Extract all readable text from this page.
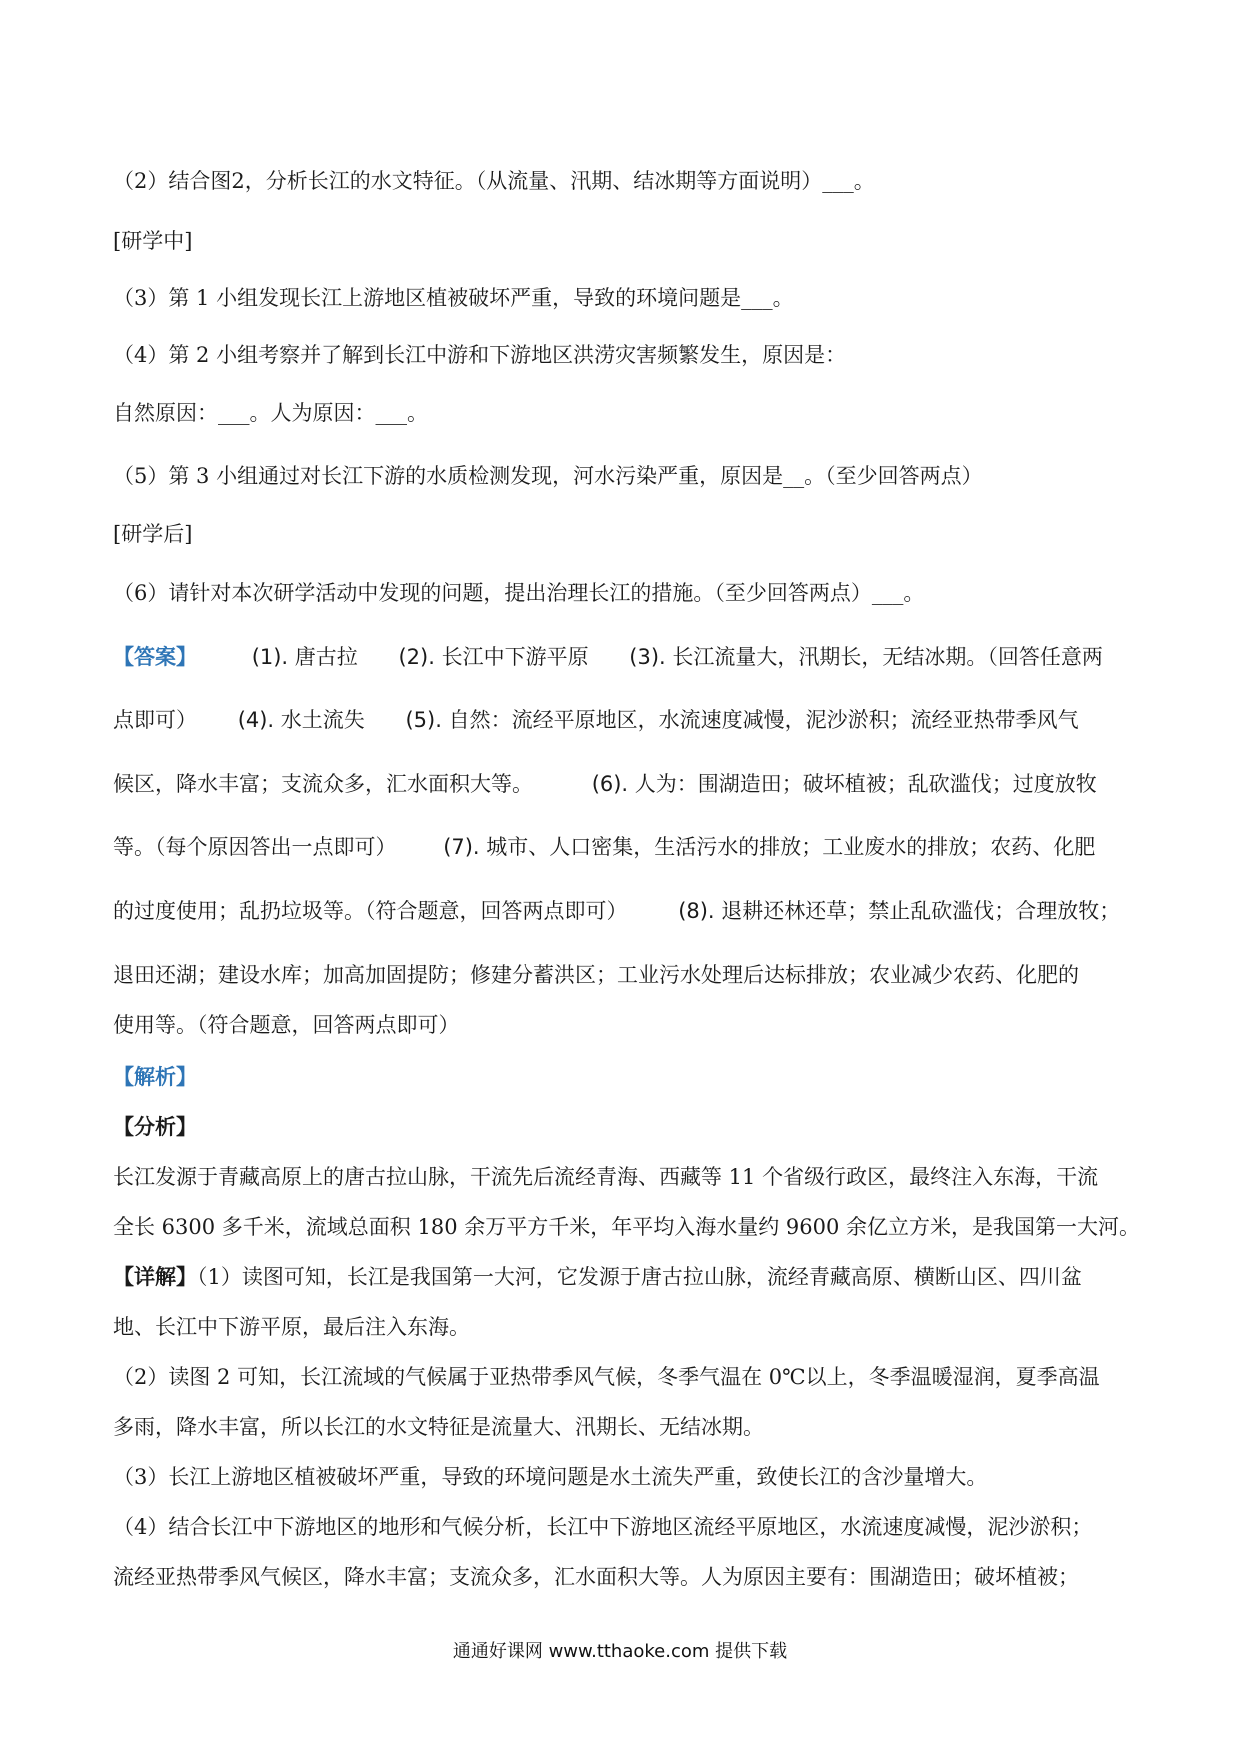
（2）结合图2，分析长江的水文特征。（从流量、汛期、结冰期等方面说明）___。
[研学中]
（3）第 1 小组发现长江上游地区植被破坏严重，导致的环境问题是___。
（4）第 2 小组考察并了解到长江中游和下游地区洪涝灾害频繁发生，原因是：
自然原因：___。人为原因：___。
（5）第 3 小组通过对长江下游的水质检测发现，河水污染严重，原因是__。（至少回答两点）
[研学后]
（6）请针对本次研学活动中发现的问题，提出治理长江的措施。（至少回答两点）___。
【答案】	(1). 唐古拉 (2). 长江中下游平原 (3). 长江流量大，汛期长，无结冰期。（回答任意两
点即可） (4). 水土流失 (5). 自然：流经平原地区，水流速度减慢，泥沙淤积；流经亚热带季风气
候区，降水丰富；支流众多，汇水面积大等。	(6). 人为：围湖造田；破坏植被；乱砍滥伐；过度放牧
等。（每个原因答出一点即可） (7). 城市、人口密集，生活污水的排放；工业废水的排放；农药、化肥
的过度使用；乱扔垃圾等。（符合题意，回答两点即可） (8). 退耕还林还草；禁止乱砍滥伐；合理放牧；
退田还湖；建设水库；加高加固提防；修建分蓄洪区；工业污水处理后达标排放；农业减少农药、化肥的
使用等。（符合题意，回答两点即可）
【解析】
【分析】
长江发源于青藏高原上的唐古拉山脉，干流先后流经青海、西藏等 11 个省级行政区，最终注入东海，干流
全长 6300 多千米，流域总面积 180 余万平方千米，年平均入海水量约 9600 余亿立方米，是我国第一大河。
【详解】（1）读图可知，长江是我国第一大河，它发源于唐古拉山脉，流经青藏高原、横断山区、四川盆
地、长江中下游平原，最后注入东海。
（2）读图 2 可知，长江流域的气候属于亚热带季风气候，冬季气温在 0℃以上，冬季温暖湿润，夏季高温
多雨，降水丰富，所以长江的水文特征是流量大、汛期长、无结冰期。
（3）长江上游地区植被破坏严重，导致的环境问题是水土流失严重，致使长江的含沙量增大。
（4）结合长江中下游地区的地形和气候分析，长江中下游地区流经平原地区，水流速度减慢，泥沙淤积；
流经亚热带季风气候区，降水丰富；支流众多，汇水面积大等。人为原因主要有：围湖造田；破坏植被；
通通好课网 www.tthaoke.com 提供下载
